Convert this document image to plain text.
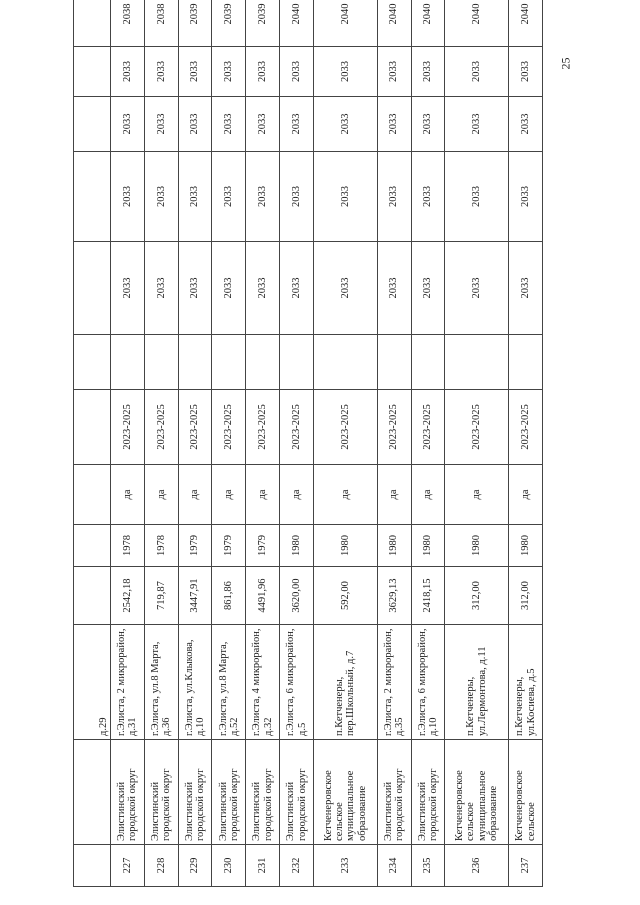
		д.29										
227	Элистинский городской округ	г.Элиста, 2 микрорайон, д.31	2542,18	1978	да	2023-2025		2033	2033	2033	2033	2038
228	Элистинский городской округ	г.Элиста, ул.8 Марта, д.36	719,87	1978	да	2023-2025		2033	2033	2033	2033	2038
229	Элистинский городской округ	г.Элиста, ул.Клыкова, д.10	3447,91	1979	да	2023-2025		2033	2033	2033	2033	2039
230	Элистинский городской округ	г.Элиста, ул.8 Марта, д.52	861,86	1979	да	2023-2025		2033	2033	2033	2033	2039
231	Элистинский городской округ	г.Элиста, 4 микрорайон, д.32	4491,96	1979	да	2023-2025		2033	2033	2033	2033	2039
232	Элистинский городской округ	г.Элиста, 6 микрорайон, д.5	3620,00	1980	да	2023-2025		2033	2033	2033	2033	2040
233	Кетченеровское сельское муниципальное образование	п.Кетченеры, пер.Школьный, д.7	592,00	1980	да	2023-2025		2033	2033	2033	2033	2040
234	Элистинский городской округ	г.Элиста, 2 микрорайон, д.35	3629,13	1980	да	2023-2025		2033	2033	2033	2033	2040
235	Элистинский городской округ	г.Элиста, 6 микрорайон, д.10	2418,15	1980	да	2023-2025		2033	2033	2033	2033	2040
236	Кетченеровское сельское муниципальное образование	п.Кетченеры, ул.Лермонтова, д.11	312,00	1980	да	2023-2025		2033	2033	2033	2033	2040
237	Кетченеровское сельское	п.Кетченеры, ул.Косиева, д.5	312,00	1980	да	2023-2025		2033	2033	2033	2033	2040
25
